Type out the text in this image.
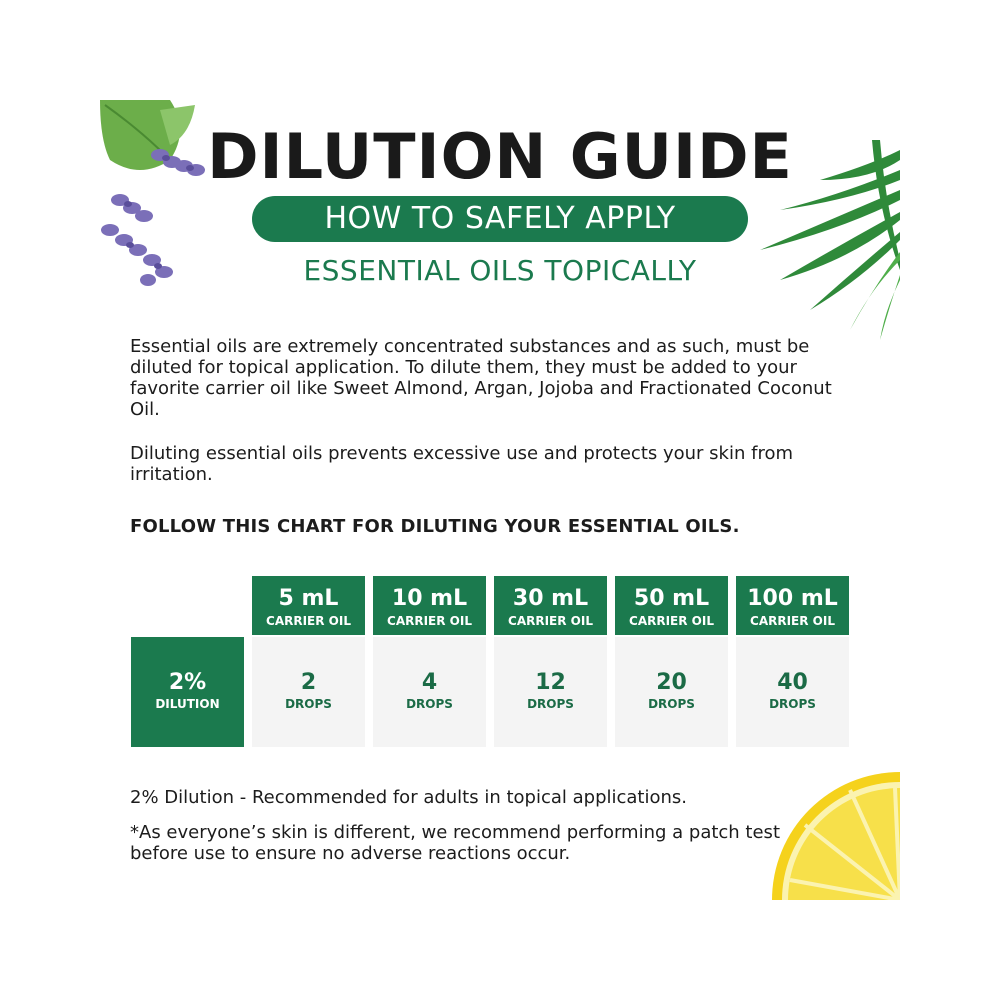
DILUTION GUIDE
HOW TO SAFELY APPLY
ESSENTIAL OILS TOPICALLY
Essential oils are extremely concentrated substances and as such, must be diluted for topical application. To dilute them, they must be added to your favorite carrier oil like Sweet Almond, Argan, Jojoba and Fractionated Coconut Oil.
Diluting essential oils prevents excessive use and protects your skin from irritation.
FOLLOW THIS CHART FOR DILUTING YOUR ESSENTIAL OILS.
2%
DILUTION
5 mL
CARRIER OIL
10 mL
CARRIER OIL
30 mL
CARRIER OIL
50 mL
CARRIER OIL
100 mL
CARRIER OIL
2
DROPS
4
DROPS
12
DROPS
20
DROPS
40
DROPS
2% Dilution - Recommended for adults in topical applications.
*As everyone’s skin is different, we recommend performing a patch test before use to ensure no adverse reactions occur.
